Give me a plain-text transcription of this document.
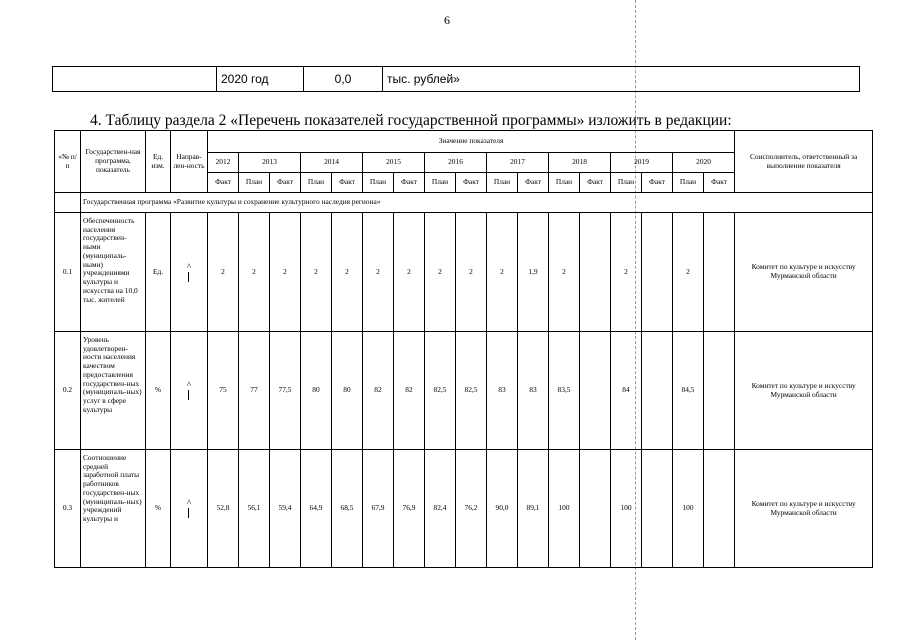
6
	2020 год	0,0	тыс. рублей»
4. Таблицу раздела 2 «Перечень показателей государственной программы» изложить в редакции:
«№ п/п	Государствен-ная программа, показатель	Ед. изм.	Направ-лен-ность	Значение показателя																	Соисполнитель, ответственный за выполнение показателя
				2012	2013		2014		2015		2016		2017		2018		2019		2020		
				Факт	План	Факт	План	Факт	План	Факт	План	Факт	План	Факт	План	Факт	План	Факт	План	Факт	
	Государственная программа «Развитие культуры и сохранение культурного наследия региона»																				
0.1	Обеспеченность населения государствен-ными (муниципаль-ными) учреждениями культуры и искусства на 10,0 тыс. жителей	Ед.	^	2	2	2	2	2	2	2	2	2	2	1,9	2		2		2		Комитет по культуре и искусству Мурманской области
0.2	Уровень удовлетворен-ности населения качеством предоставления государствен-ных (муниципаль-ных) услуг в сфере культуры	%	^	75	77	77,5	80	80	82	82	82,5	82,5	83	83	83,5		84		84,5		Комитет по культуре и искусству Мурманской области
0.3	Соотношение средней заработной платы работников государствен-ных (муниципаль-ных) учреждений культуры и	%	^	52,8	56,1	59,4	64,9	68,5	67,9	76,9	82,4	76,2	90,0	89,1	100		100		100		Комитет по культуре и искусству Мурманской области
